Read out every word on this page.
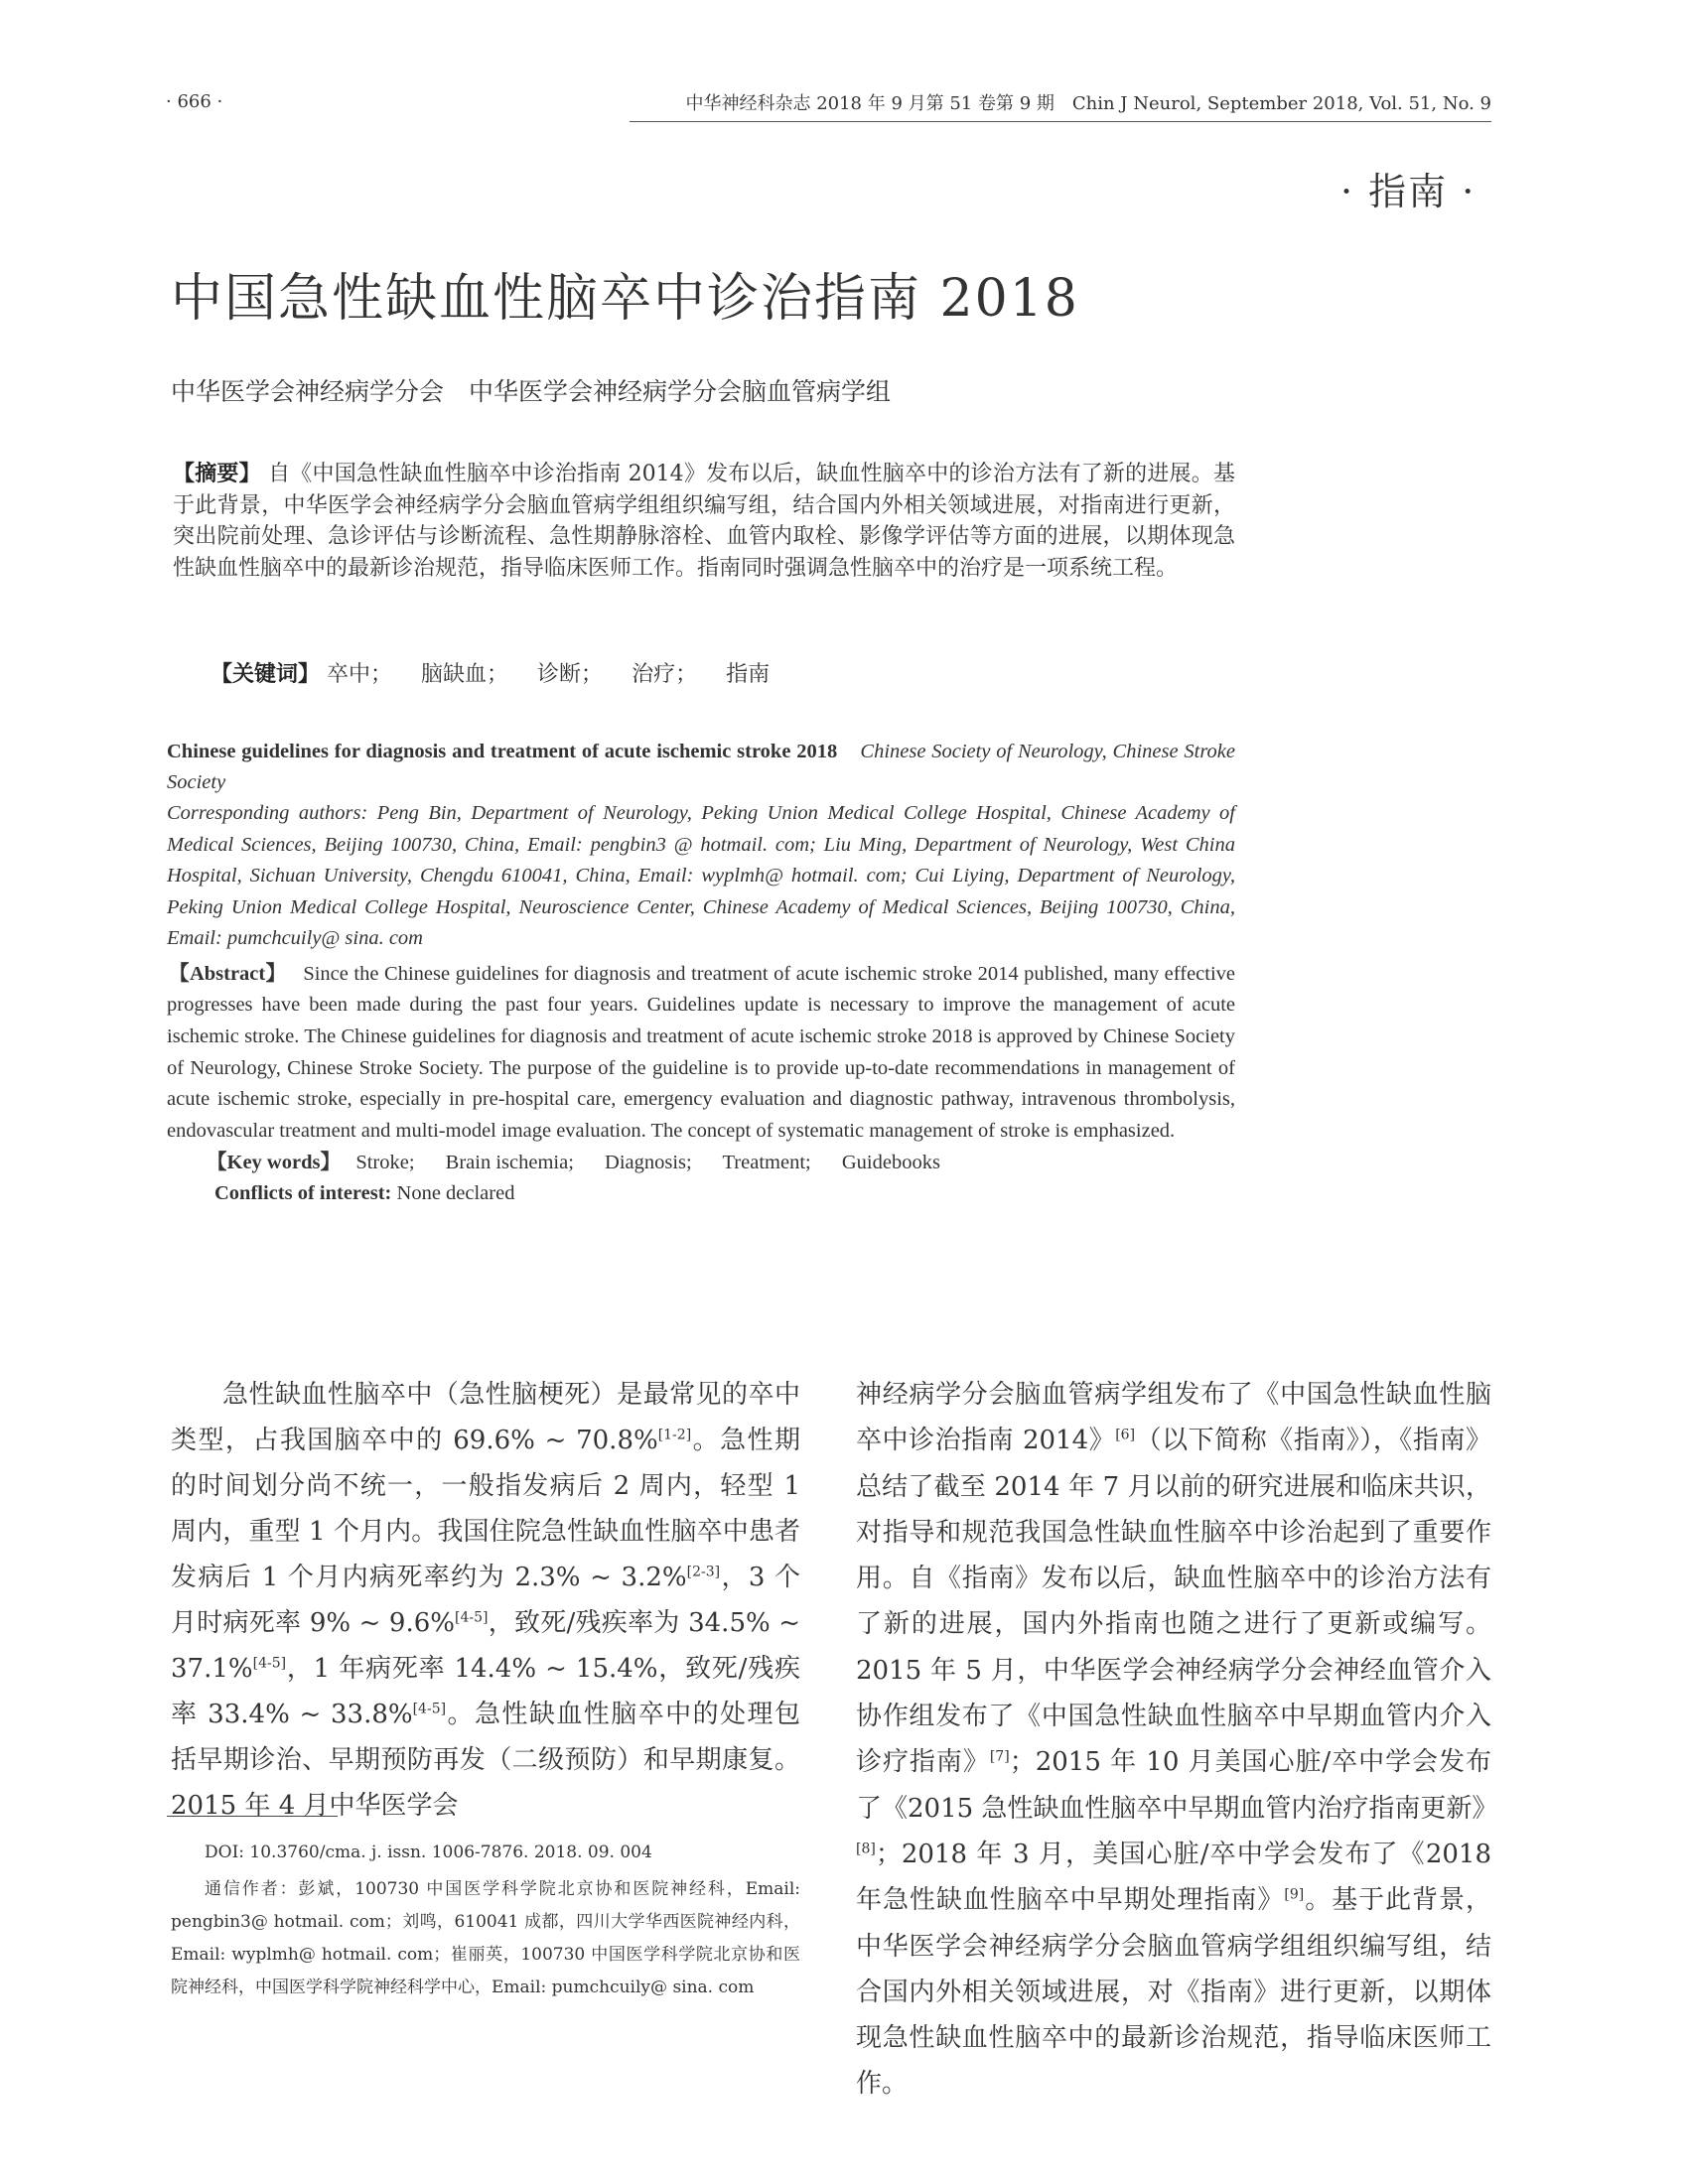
· 666 ·	中华神经科杂志 2018 年 9 月第 51 卷第 9 期　Chin J Neurol, September 2018, Vol. 51, No. 9
· 指南 ·
中国急性缺血性脑卒中诊治指南 2018
中华医学会神经病学分会　中华医学会神经病学分会脑血管病学组
【摘要】 自《中国急性缺血性脑卒中诊治指南 2014》发布以后，缺血性脑卒中的诊治方法有了新的进展。基于此背景，中华医学会神经病学分会脑血管病学组组织编写组，结合国内外相关领域进展，对指南进行更新，突出院前处理、急诊评估与诊断流程、急性期静脉溶栓、血管内取栓、影像学评估等方面的进展，以期体现急性缺血性脑卒中的最新诊治规范，指导临床医师工作。指南同时强调急性脑卒中的治疗是一项系统工程。
【关键词】 卒中； 脑缺血； 诊断； 治疗； 指南
Chinese guidelines for diagnosis and treatment of acute ischemic stroke 2018 Chinese Society of Neurology, Chinese Stroke Society
Corresponding authors: Peng Bin, Department of Neurology, Peking Union Medical College Hospital, Chinese Academy of Medical Sciences, Beijing 100730, China, Email: pengbin3 @ hotmail. com; Liu Ming, Department of Neurology, West China Hospital, Sichuan University, Chengdu 610041, China, Email: wyplmh@ hotmail. com; Cui Liying, Department of Neurology, Peking Union Medical College Hospital, Neuroscience Center, Chinese Academy of Medical Sciences, Beijing 100730, China, Email: pumchcuily@ sina. com
【Abstract】 Since the Chinese guidelines for diagnosis and treatment of acute ischemic stroke 2014 published, many effective progresses have been made during the past four years. Guidelines update is necessary to improve the management of acute ischemic stroke. The Chinese guidelines for diagnosis and treatment of acute ischemic stroke 2018 is approved by Chinese Society of Neurology, Chinese Stroke Society. The purpose of the guideline is to provide up-to-date recommendations in management of acute ischemic stroke, especially in pre-hospital care, emergency evaluation and diagnostic pathway, intravenous thrombolysis, endovascular treatment and multi-model image evaluation. The concept of systematic management of stroke is emphasized.
【Key words】 Stroke; Brain ischemia; Diagnosis; Treatment; Guidebooks
Conflicts of interest: None declared

急性缺血性脑卒中（急性脑梗死）是最常见的卒中类型，占我国脑卒中的 69.6% ~ 70.8%[1-2]。急性期的时间划分尚不统一，一般指发病后 2 周内，轻型 1 周内，重型 1 个月内。我国住院急性缺血性脑卒中患者发病后 1 个月内病死率约为 2.3% ~ 3.2%[2-3]，3 个月时病死率 9% ~ 9.6%[4-5]，致死/残疾率为 34.5% ~ 37.1%[4-5]，1 年病死率 14.4% ~ 15.4%，致死/残疾率 33.4% ~ 33.8%[4-5]。急性缺血性脑卒中的处理包括早期诊治、早期预防再发（二级预防）和早期康复。2015 年 4 月中华医学会

神经病学分会脑血管病学组发布了《中国急性缺血性脑卒中诊治指南 2014》[6]（以下简称《指南》），《指南》总结了截至 2014 年 7 月以前的研究进展和临床共识，对指导和规范我国急性缺血性脑卒中诊治起到了重要作用。自《指南》发布以后，缺血性脑卒中的诊治方法有了新的进展，国内外指南也随之进行了更新或编写。2015 年 5 月，中华医学会神经病学分会神经血管介入协作组发布了《中国急性缺血性脑卒中早期血管内介入诊疗指南》[7]；2015 年 10 月美国心脏/卒中学会发布了《2015 急性缺血性脑卒中早期血管内治疗指南更新》[8]；2018 年 3 月，美国心脏/卒中学会发布了《2018 年急性缺血性脑卒中早期处理指南》[9]。基于此背景，中华医学会神经病学分会脑血管病学组组织编写组，结合国内外相关领域进展，对《指南》进行更新，以期体现急性缺血性脑卒中的最新诊治规范，指导临床医师工作。

DOI: 10.3760/cma. j. issn. 1006-7876. 2018. 09. 004

通信作者：彭斌，100730 中国医学科学院北京协和医院神经科，Email: pengbin3@ hotmail. com；刘鸣，610041 成都，四川大学华西医院神经内科，Email: wyplmh@ hotmail. com；崔丽英，100730 中国医学科学院北京协和医院神经科，中国医学科学院神经科学中心，Email: pumchcuily@ sina. com
